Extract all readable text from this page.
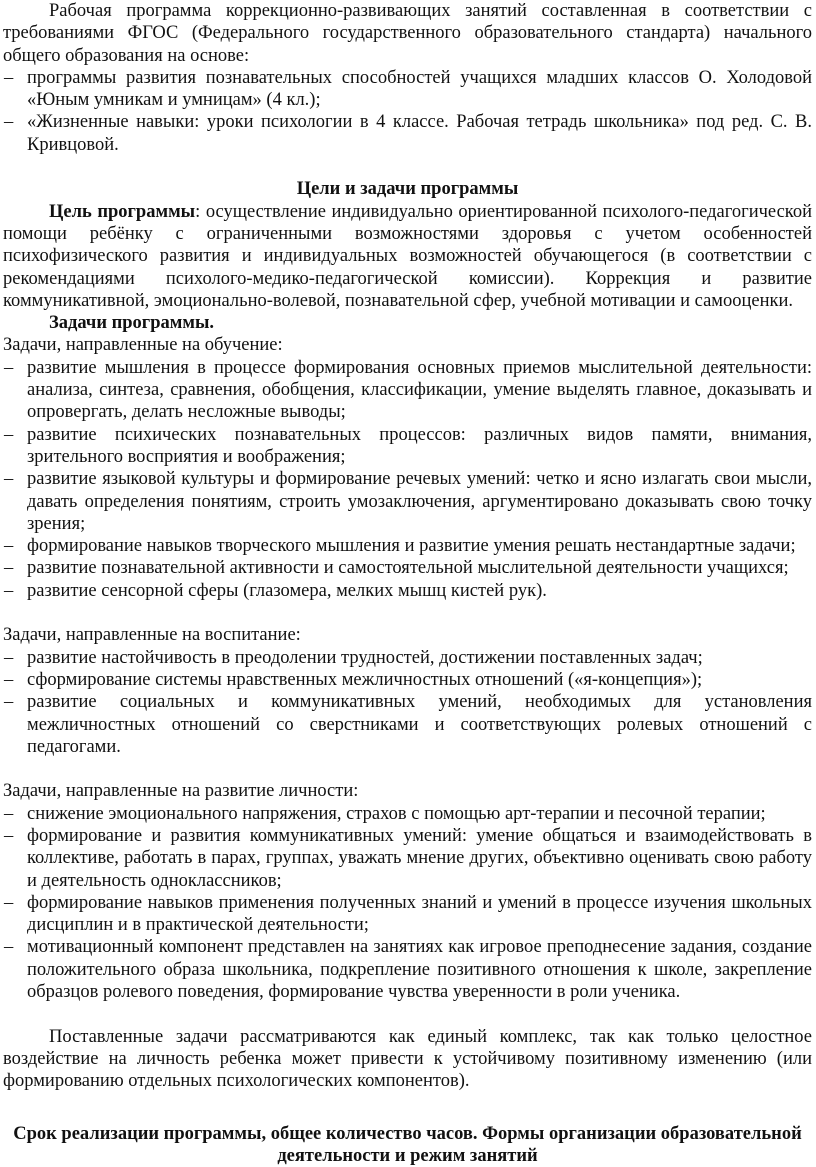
Рабочая программа коррекционно-развивающих занятий составленная в соответствии с требованиями ФГОС (Федерального государственного образовательного стандарта) начального общего образования на основе:

– программы развития познавательных способностей учащихся младших классов О. Холодовой «Юным умникам и умницам» (4 кл.);
– «Жизненные навыки: уроки психологии в 4 классе. Рабочая тетрадь школьника» под ред. С. В. Кривцовой.

Цели и задачи программы

Цель программы: осуществление индивидуально ориентированной психолого-педагогической помощи ребёнку с ограниченными возможностями здоровья с учетом особенностей психофизического развития и индивидуальных возможностей обучающегося (в соответствии с рекомендациями психолого-медико-педагогической комиссии). Коррекция и развитие коммуникативной, эмоционально-волевой, познавательной сфер, учебной мотивации и самооценки.

Задачи программы.

Задачи, направленные на обучение:

– развитие мышления в процессе формирования основных приемов мыслительной деятельности: анализа, синтеза, сравнения, обобщения, классификации, умение выделять главное, доказывать и опровергать, делать несложные выводы;
– развитие психических познавательных процессов: различных видов памяти, внимания, зрительного восприятия и воображения;
– развитие языковой культуры и формирование речевых умений: четко и ясно излагать свои мысли, давать определения понятиям, строить умозаключения, аргументировано доказывать свою точку зрения;
– формирование навыков творческого мышления и развитие умения решать нестандартные задачи;
– развитие познавательной активности и самостоятельной мыслительной деятельности учащихся;
– развитие сенсорной сферы (глазомера, мелких мышц кистей рук).

Задачи, направленные на воспитание:

– развитие настойчивость в преодолении трудностей, достижении поставленных задач;
– сформирование системы нравственных межличностных отношений («я-концепция»);
– развитие социальных и коммуникативных умений, необходимых для установления межличностных отношений со сверстниками и соответствующих ролевых отношений с педагогами.

Задачи, направленные на развитие личности:

– снижение эмоционального напряжения, страхов с помощью арт-терапии и песочной терапии;
– формирование и развития коммуникативных умений: умение общаться и взаимодействовать в коллективе, работать в парах, группах, уважать мнение других, объективно оценивать свою работу и деятельность одноклассников;
– формирование навыков применения полученных знаний и умений в процессе изучения школьных дисциплин и в практической деятельности;
– мотивационный компонент представлен на занятиях как игровое преподнесение задания, создание положительного образа школьника, подкрепление позитивного отношения к школе, закрепление образцов ролевого поведения, формирование чувства уверенности в роли ученика.

Поставленные задачи рассматриваются как единый комплекс, так как только целостное воздействие на личность ребенка может привести к устойчивому позитивному изменению (или формированию отдельных психологических компонентов).

Срок реализации программы, общее количество часов. Формы организации образовательной деятельности и режим занятий
